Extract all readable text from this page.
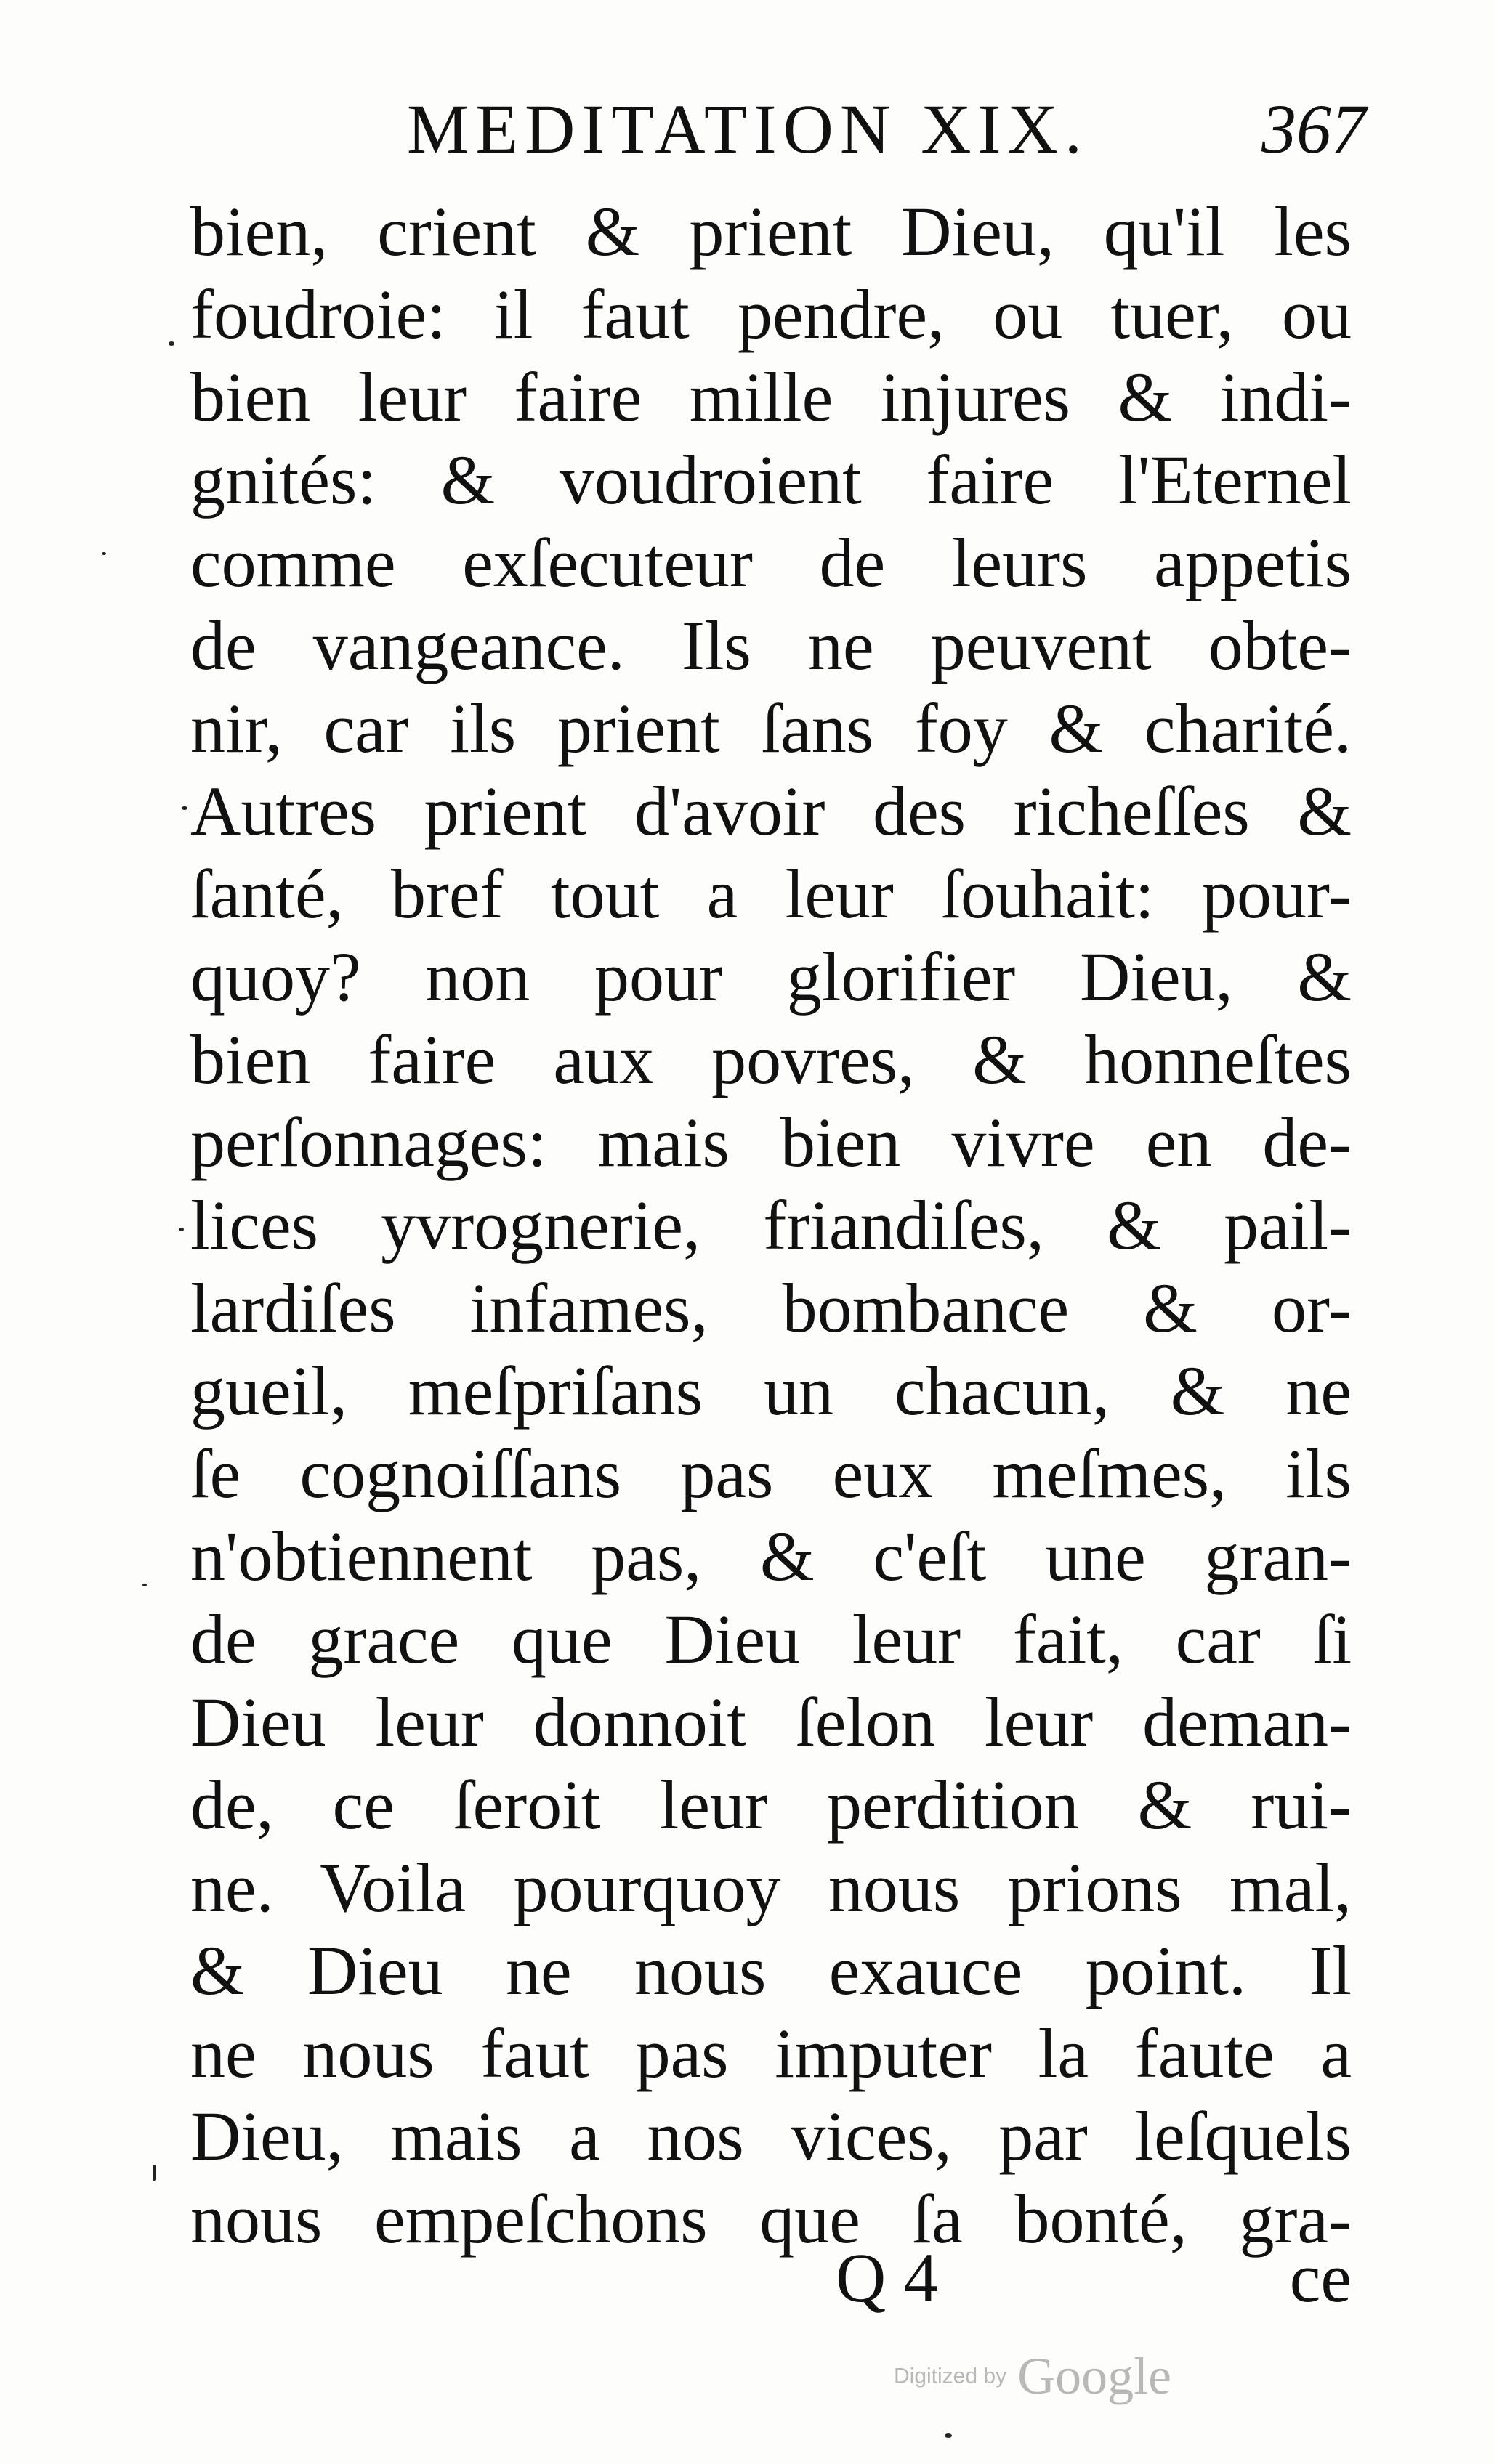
MEDITATION XIX. 367
bien, crient & prient Dieu, qu'il les
foudroie: il faut pendre, ou tuer, ou
bien leur faire mille injures & indi-
gnités: & voudroient faire l'Eternel
comme exſecuteur de leurs appetis
de vangeance. Ils ne peuvent obte-
nir, car ils prient ſans foy & charité.
Autres prient d'avoir des richeſſes &
ſanté, bref tout a leur ſouhait: pour-
quoy? non pour glorifier Dieu, &
bien faire aux povres, & honneſtes
perſonnages: mais bien vivre en de-
lices yvrognerie, friandiſes, & pail-
lardiſes infames, bombance & or-
gueil, meſpriſans un chacun, & ne
ſe cognoiſſans pas eux meſmes, ils
n'obtiennent pas, & c'eſt une gran-
de grace que Dieu leur fait, car ſi
Dieu leur donnoit ſelon leur deman-
de, ce ſeroit leur perdition & rui-
ne. Voila pourquoy nous prions mal,
& Dieu ne nous exauce point. Il
ne nous faut pas imputer la faute a
Dieu, mais a nos vices, par leſquels
nous empeſchons que ſa bonté, gra-
Q 4	ce
Digitized by Google
